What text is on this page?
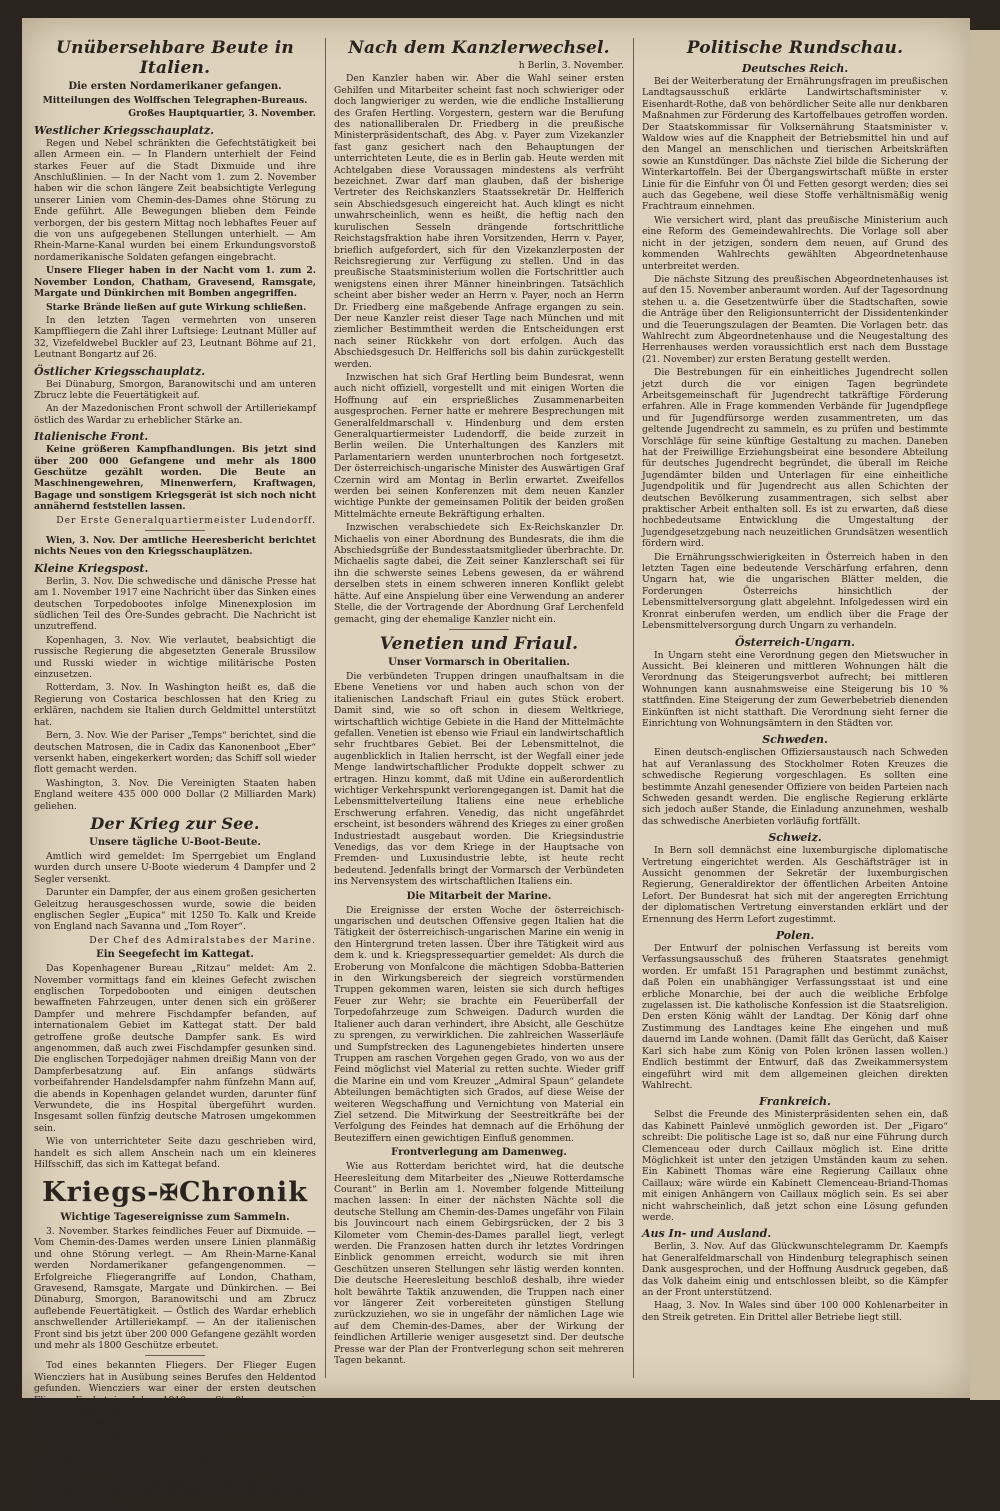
Unübersehbare Beute in Italien.
Die ersten Nordamerikaner gefangen.

Mitteilungen des Wolffschen Telegraphen-Bureaus.

Großes Hauptquartier, 3. November.

Westlicher Kriegsschauplatz.

Regen und Nebel schränkten die Gefechtstätigkeit bei allen Armeen ein. — In Flandern unterhielt der Feind starkes Feuer auf die Stadt Dixmuide und ihre Anschlußlinien. — In der Nacht vom 1. zum 2. November haben wir die schon längere Zeit beabsichtigte Verlegung unserer Linien vom Chemin-des-Dames ohne Störung zu Ende geführt. Alle Bewegungen blieben dem Feinde verborgen, der bis gestern Mittag noch lebhaftes Feuer auf die von uns aufgegebenen Stellungen unterhielt. — Am Rhein-Marne-Kanal wurden bei einem Erkundungsvorstoß nordamerikanische Soldaten gefangen eingebracht.

Unsere Flieger haben in der Nacht vom 1. zum 2. November London, Chatham, Gravesend, Ramsgate, Margate und Dünkirchen mit Bomben angegriffen.

Starke Brände ließen auf gute Wirkung schließen.

In den letzten Tagen vermehrten von unseren Kampffliegern die Zahl ihrer Luftsiege: Leutnant Müller auf 32, Vizefeldwebel Buckler auf 23, Leutnant Böhme auf 21, Leutnant Bongartz auf 26.

Östlicher Kriegsschauplatz.

Bei Dünaburg, Smorgon, Baranowitschi und am unteren Zbrucz lebte die Feuertätigkeit auf.

An der Mazedonischen Front schwoll der Artilleriekampf östlich des Wardar zu erheblicher Stärke an.

Italienische Front.

Keine größeren Kampfhandlungen. Bis jetzt sind über 200 000 Gefangene und mehr als 1800 Geschütze gezählt worden. Die Beute an Maschinengewehren, Minenwerfern, Kraftwagen, Bagage und sonstigem Kriegsgerät ist sich noch nicht annähernd feststellen lassen.

Der Erste Generalquartiermeister Ludendorff.

Wien, 3. Nov. Der amtliche Heeresbericht berichtet nichts Neues von den Kriegsschauplätzen.

Kleine Kriegspost.

Berlin, 3. Nov. Die schwedische und dänische Presse hat am 1. November 1917 eine Nachricht über das Sinken eines deutschen Torpedobootes infolge Minenexplosion im südlichen Teil des Öre-Sundes gebracht. Die Nachricht ist unzutreffend.

Kopenhagen, 3. Nov. Wie verlautet, beabsichtigt die russische Regierung die abgesetzten Generale Brussilow und Russki wieder in wichtige militärische Posten einzusetzen.

Rotterdam, 3. Nov. In Washington heißt es, daß die Regierung von Costarica beschlossen hat den Krieg zu erklären, nachdem sie Italien durch Geldmittel unterstützt hat.

Bern, 3. Nov. Wie der Pariser „Temps“ berichtet, sind die deutschen Matrosen, die in Cadix das Kanonenboot „Eber“ versenkt haben, eingekerkert worden; das Schiff soll wieder flott gemacht werden.

Washington, 3. Nov. Die Vereinigten Staaten haben England weitere 435 000 000 Dollar (2 Milliarden Mark) geliehen.

Der Krieg zur See.
Unsere tägliche U-Boot-Beute.

Amtlich wird gemeldet: Im Sperrgebiet um England wurden durch unsere U-Boote wiederum 4 Dampfer und 2 Segler versenkt.

Darunter ein Dampfer, der aus einem großen gesicherten Geleitzug herausgeschossen wurde, sowie die beiden englischen Segler „Eupica“ mit 1250 To. Kalk und Kreide von England nach Savanna und „Tom Royer“.

Der Chef des Admiralstabes der Marine.

Ein Seegefecht im Kattegat.

Das Kopenhagener Bureau „Ritzau“ meldet: Am 2. November vormittags fand ein kleines Gefecht zwischen englischen Torpedobooten und einigen deutschen bewaffneten Fahrzeugen, unter denen sich ein größerer Dampfer und mehrere Fischdampfer befanden, auf internationalem Gebiet im Kattegat statt. Der bald getroffene große deutsche Dampfer sank. Es wird angenommen, daß auch zwei Fischdampfer gesunken sind. Die englischen Torpedojäger nahmen dreißig Mann von der Dampferbesatzung auf. Ein anfangs südwärts vorbeifahrender Handelsdampfer nahm fünfzehn Mann auf, die abends in Kopenhagen gelandet wurden, darunter fünf Verwundete, die ins Hospital übergeführt wurden. Insgesamt sollen fünfzig deutsche Matrosen umgekommen sein.

Wie von unterrichteter Seite dazu geschrieben wird, handelt es sich allem Anschein nach um ein kleineres Hilfsschiff, das sich im Kattegat befand.

Kriegs-✠Chronik
Wichtige Tagesereignisse zum Sammeln.

3. November. Starkes feindliches Feuer auf Dixmuide. — Vom Chemin-des-Dames werden unsere Linien planmäßig und ohne Störung verlegt. — Am Rhein-Marne-Kanal werden Nordamerikaner gefangengenommen. — Erfolgreiche Fliegerangriffe auf London, Chatham, Gravesend, Ramsgate, Margate und Dünkirchen. — Bei Dünaburg, Smorgon, Baranowitschi und am Zbrucz auflebende Feuertätigkeit. — Östlich des Wardar erheblich anschwellender Artilleriekampf. — An der italienischen Front sind bis jetzt über 200 000 Gefangene gezählt worden und mehr als 1800 Geschütze erbeutet.

Tod eines bekannten Fliegers. Der Flieger Eugen Wiencziers hat in Ausübung seines Berufes den Heldentod gefunden. Wiencziers war einer der ersten deutschen Flieger. Er hat im Jahre 1910 von Straßburg aus seine ersten Flüge gemacht und flog als erster um das Straßburger Münster, wofür er für das von dem Statthalter Grafen Wedel ausgesetzten Preis erhielt.

Von Wilddieben ermordet wurde in einem Tannenwalde bei Leipzig der Förster Jahn des Rittergutes Breitenfeld. Er wurde mit zertrümmertem Schädel und durchschnittener Kehle in einer Blutlache liegend aufgefunden. Auf die Ergreifung der Täter ist eine Belohnung von 1000 Mark ausgesetzt worden.

Nach dem Kanzlerwechsel.

h Berlin, 3. November.

Den Kanzler haben wir. Aber die Wahl seiner ersten Gehilfen und Mitarbeiter scheint fast noch schwieriger oder doch langwieriger zu werden, wie die endliche Installierung des Grafen Hertling. Vorgestern, gestern war die Berufung des nationalliberalen Dr. Friedberg in die preußische Ministerpräsidentschaft, des Abg. v. Payer zum Vizekanzler fast ganz gesichert nach den Behauptungen der unterrichteten Leute, die es in Berlin gab. Heute werden mit Achtelgaben diese Voraussagen mindestens als verfrüht bezeichnet. Zwar darf man glauben, daß der bisherige Vertreter des Reichskanzlers Staatssekretär Dr. Helfferich sein Abschiedsgesuch eingereicht hat. Auch klingt es nicht unwahrscheinlich, wenn es heißt, die heftig nach den kurulischen Sesseln drängende fortschrittliche Reichstagsfraktion habe ihren Vorsitzenden, Herrn v. Payer, brieflich aufgefordert, sich für den Vizekanzlerposten der Reichsregierung zur Verfügung zu stellen. Und in das preußische Staatsministerium wollen die Fortschrittler auch wenigstens einen ihrer Männer hineinbringen. Tatsächlich scheint aber bisher weder an Herrn v. Payer, noch an Herrn Dr. Friedberg eine maßgebende Anfrage ergangen zu sein. Der neue Kanzler reist dieser Tage nach München und mit ziemlicher Bestimmtheit werden die Entscheidungen erst nach seiner Rückkehr von dort erfolgen. Auch das Abschiedsgesuch Dr. Helfferichs soll bis dahin zurückgestellt werden.

Inzwischen hat sich Graf Hertling beim Bundesrat, wenn auch nicht offiziell, vorgestellt und mit einigen Worten die Hoffnung auf ein ersprießliches Zusammenarbeiten ausgesprochen. Ferner hatte er mehrere Besprechungen mit Generalfeldmarschall v. Hindenburg und dem ersten Generalquartiermeister Ludendorff, die beide zurzeit in Berlin weilen. Die Unterhaltungen des Kanzlers mit Parlamentariern werden ununterbrochen noch fortgesetzt. Der österreichisch-ungarische Minister des Auswärtigen Graf Czernin wird am Montag in Berlin erwartet. Zweifellos werden bei seinen Konferenzen mit dem neuen Kanzler wichtige Punkte der gemeinsamen Politik der beiden großen Mittelmächte erneute Bekräftigung erhalten.

Inzwischen verabschiedete sich Ex-Reichskanzler Dr. Michaelis von einer Abordnung des Bundesrats, die ihm die Abschiedsgrüße der Bundesstaatsmitglieder überbrachte. Dr. Michaelis sagte dabei, die Zeit seiner Kanzlerschaft sei für ihn die schwerste seines Lebens gewesen, da er während derselben stets in einem schweren inneren Konflikt gelebt hätte. Auf eine Anspielung über eine Verwendung an anderer Stelle, die der Vortragende der Abordnung Graf Lerchenfeld gemacht, ging der ehemalige Kanzler nicht ein.

Venetien und Friaul.
Unser Vormarsch in Oberitalien.

Die verbündeten Truppen dringen unaufhaltsam in die Ebene Venetiens vor und haben auch schon von der italienischen Landschaft Friaul ein gutes Stück erobert. Damit sind, wie so oft schon in diesem Weltkriege, wirtschaftlich wichtige Gebiete in die Hand der Mittelmächte gefallen. Venetien ist ebenso wie Friaul ein landwirtschaftlich sehr fruchtbares Gebiet. Bei der Lebensmittelnot, die augenblicklich in Italien herrscht, ist der Wegfall einer jede Menge landwirtschaftlicher Produkte doppelt schwer zu ertragen. Hinzu kommt, daß mit Udine ein außerordentlich wichtiger Verkehrspunkt verlorengegangen ist. Damit hat die Lebensmittelverteilung Italiens eine neue erhebliche Erschwerung erfahren. Venedig, das nicht ungefährdet erscheint, ist besonders während des Krieges zu einer großen Industriestadt ausgebaut worden. Die Kriegsindustrie Venedigs, das vor dem Kriege in der Hauptsache von Fremden- und Luxusindustrie lebte, ist heute recht bedeutend. Jedenfalls bringt der Vormarsch der Verbündeten ins Nervensystem des wirtschaftlichen Italiens ein.

Die Mitarbeit der Marine.

Die Ereignisse der ersten Woche der österreichisch-ungarischen und deutschen Offensive gegen Italien hat die Tätigkeit der österreichisch-ungarischen Marine ein wenig in den Hintergrund treten lassen. Über ihre Tätigkeit wird aus dem k. und k. Kriegspressequartier gemeldet: Als durch die Eroberung von Monfalcone die mächtigen Sdobba-Batterien in den Wirkungsbereich der siegreich vorstürmenden Truppen gekommen waren, leisten sie sich durch heftiges Feuer zur Wehr; sie brachte ein Feuerüberfall der Torpedofahrzeuge zum Schweigen. Dadurch wurden die Italiener auch daran verhindert, ihre Absicht, alle Geschütze zu sprengen, zu verwirklichen. Die zahlreichen Wasserläufe und Sumpfstrecken des Lagunengebietes hinderten unsere Truppen am raschen Vorgehen gegen Grado, von wo aus der Feind möglichst viel Material zu retten suchte. Wieder griff die Marine ein und vom Kreuzer „Admiral Spaun“ gelandete Abteilungen bemächtigten sich Grados, auf diese Weise der weiteren Wegschaffung und Vernichtung von Material ein Ziel setzend. Die Mitwirkung der Seestreitkräfte bei der Verfolgung des Feindes hat demnach auf die Erhöhung der Beuteziffern einen gewichtigen Einfluß genommen.

Frontverlegung am Damenweg.

Wie aus Rotterdam berichtet wird, hat die deutsche Heeresleitung dem Mitarbeiter des „Nieuwe Rotterdamsche Courant“ in Berlin am 1. November folgende Mitteilung machen lassen: In einer der nächsten Nächte soll die deutsche Stellung am Chemin-des-Dames ungefähr von Filain bis Jouvincourt nach einem Gebirgsrücken, der 2 bis 3 Kilometer vom Chemin-des-Dames parallel liegt, verlegt werden. Die Franzosen hatten durch ihr letztes Vordringen Einblick genommen erreicht, wodurch sie mit ihren Geschützen unseren Stellungen sehr lästig werden konnten. Die deutsche Heeresleitung beschloß deshalb, ihre wieder holt bewährte Taktik anzuwenden, die Truppen nach einer vor längerer Zeit vorbereiteten günstigen Stellung zurückzuziehen, wo sie in ungefähr der nämlichen Lage wie auf dem Chemin-des-Dames, aber der Wirkung der feindlichen Artillerie weniger ausgesetzt sind. Der deutsche Presse war der Plan der Frontverlegung schon seit mehreren Tagen bekannt.

Politische Rundschau.
Deutsches Reich.

Bei der Weiterberatung der Ernährungsfragen im preußischen Landtagsausschuß erklärte Landwirtschaftsminister v. Eisenhardt-Rothe, daß von behördlicher Seite alle nur denkbaren Maßnahmen zur Förderung des Kartoffelbaues getroffen worden. Der Staatskommissar für Volksernährung Staatsminister v. Waldow wies auf die Knappheit der Betriebsmittel hin und auf den Mangel an menschlichen und tierischen Arbeitskräften sowie an Kunstdünger. Das nächste Ziel bilde die Sicherung der Winterkartoffeln. Bei der Übergangswirtschaft müßte in erster Linie für die Einfuhr von Öl und Fetten gesorgt werden; dies sei auch das Gegebene, weil diese Stoffe verhältnismäßig wenig Frachtraum einnehmen.

Wie versichert wird, plant das preußische Ministerium auch eine Reform des Gemeindewahlrechts. Die Vorlage soll aber nicht in der jetzigen, sondern dem neuen, auf Grund des kommenden Wahlrechts gewählten Abgeordnetenhause unterbreitet werden.

Die nächste Sitzung des preußischen Abgeordnetenhauses ist auf den 15. November anberaumt worden. Auf der Tagesordnung stehen u. a. die Gesetzentwürfe über die Stadtschaften, sowie die Anträge über den Religionsunterricht der Dissidentenkinder und die Teuerungszulagen der Beamten. Die Vorlagen betr. das Wahlrecht zum Abgeordnetenhause und die Neugestaltung des Herrenhauses werden voraussichtlich erst nach dem Busstage (21. November) zur ersten Beratung gestellt werden.

Die Bestrebungen für ein einheitliches Jugendrecht sollen jetzt durch die vor einigen Tagen begründete Arbeitsgemeinschaft für Jugendrecht tatkräftige Förderung erfahren. Alle in Frage kommenden Verbände für Jugendpflege und für Jugendfürsorge werden zusammentreten, um das geltende Jugendrecht zu sammeln, es zu prüfen und bestimmte Vorschläge für seine künftige Gestaltung zu machen. Daneben hat der Freiwillige Erziehungsbeirat eine besondere Abteilung für deutsches Jugendrecht begründet, die überall im Reiche Jugendämter bilden und Unterlagen für eine einheitliche Jugendpolitik und für Jugendrecht aus allen Schichten der deutschen Bevölkerung zusammentragen, sich selbst aber praktischer Arbeit enthalten soll. Es ist zu erwarten, daß diese hochbedeutsame Entwicklung die Umgestaltung der Jugendgesetzgebung nach neuzeitlichen Grundsätzen wesentlich fördern wird.

Die Ernährungsschwierigkeiten in Österreich haben in den letzten Tagen eine bedeutende Verschärfung erfahren, denn Ungarn hat, wie die ungarischen Blätter melden, die Forderungen Österreichs hinsichtlich der Lebensmittelversorgung glatt abgelehnt. Infolgedessen wird ein Kronrat einberufen werden, um endlich über die Frage der Lebensmittelversorgung durch Ungarn zu verhandeln.

Österreich-Ungarn.

In Ungarn steht eine Verordnung gegen den Mietswucher in Aussicht. Bei kleineren und mittleren Wohnungen hält die Verordnung das Steigerungsverbot aufrecht; bei mittleren Wohnungen kann ausnahmsweise eine Steigerung bis 10 % stattfinden. Eine Steigerung der zum Gewerbebetrieb dienenden Einkünften ist nicht statthaft. Die Verordnung sieht ferner die Einrichtung von Wohnungsämtern in den Städten vor.

Schweden.

Einen deutsch-englischen Offiziersaustausch nach Schweden hat auf Veranlassung des Stockholmer Roten Kreuzes die schwedische Regierung vorgeschlagen. Es sollten eine bestimmte Anzahl genesender Offiziere von beiden Parteien nach Schweden gesandt werden. Die englische Regierung erklärte sich jedoch außer Stande, die Einladung anzunehmen, weshalb das schwedische Anerbieten vorläufig fortfällt.

Schweiz.

In Bern soll demnächst eine luxemburgische diplomatische Vertretung eingerichtet werden. Als Geschäftsträger ist in Aussicht genommen der Sekretär der luxemburgischen Regierung, Generaldirektor der öffentlichen Arbeiten Antoine Lefort. Der Bundesrat hat sich mit der angeregten Errichtung der diplomatischen Vertretung einverstanden erklärt und der Ernennung des Herrn Lefort zugestimmt.

Polen.

Der Entwurf der polnischen Verfassung ist bereits vom Verfassungsausschuß des früheren Staatsrates genehmigt worden. Er umfaßt 151 Paragraphen und bestimmt zunächst, daß Polen ein unabhängiger Verfassungsstaat ist und eine erbliche Monarchie, bei der auch die weibliche Erbfolge zugelassen ist. Die katholische Konfession ist die Staatsreligion. Den ersten König wählt der Landtag. Der König darf ohne Zustimmung des Landtages keine Ehe eingehen und muß dauernd im Lande wohnen. (Damit fällt das Gerücht, daß Kaiser Karl sich habe zum König von Polen krönen lassen wollen.) Endlich bestimmt der Entwurf, daß das Zweikammersystem eingeführt wird mit dem allgemeinen gleichen direkten Wahlrecht.

Frankreich.

Selbst die Freunde des Ministerpräsidenten sehen ein, daß das Kabinett Painlevé unmöglich geworden ist. Der „Figaro“ schreibt: Die politische Lage ist so, daß nur eine Führung durch Clemenceau oder durch Caillaux möglich ist. Eine dritte Möglichkeit ist unter den jetzigen Umständen kaum zu sehen. Ein Kabinett Thomas wäre eine Regierung Caillaux ohne Caillaux; wäre würde ein Kabinett Clemenceau-Briand-Thomas mit einigen Anhängern von Caillaux möglich sein. Es sei aber nicht wahrscheinlich, daß jetzt schon eine Lösung gefunden werde.

Aus In- und Ausland.

Berlin, 3. Nov. Auf das Glückwunschtelegramm Dr. Kaempfs hat Generalfeldmarschall von Hindenburg telegraphisch seinen Dank ausgesprochen, und der Hoffnung Ausdruck gegeben, daß das Volk daheim einig und entschlossen bleibt, so die Kämpfer an der Front unterstützend.

Haag, 3. Nov. In Wales sind über 100 000 Kohlenarbeiter in den Streik getreten. Ein Drittel aller Betriebe liegt still.
